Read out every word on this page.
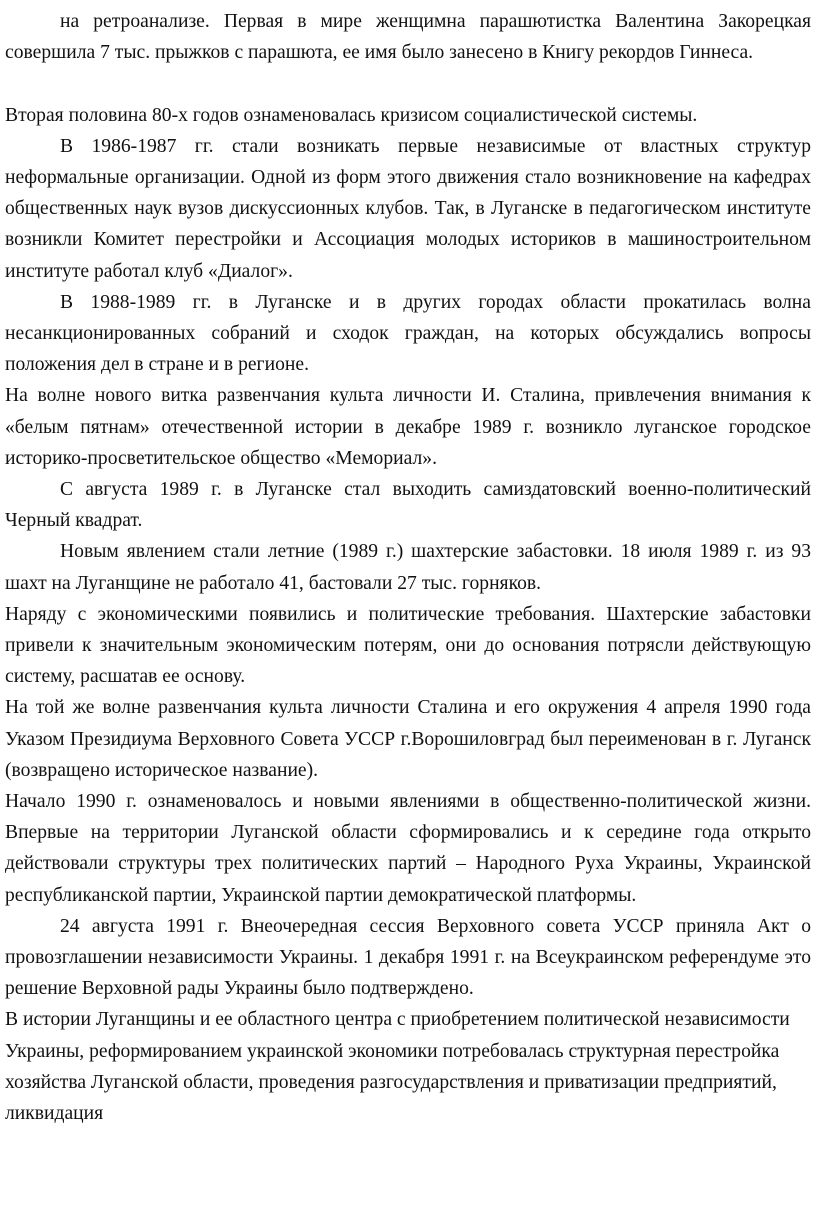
на ретроанализе. Первая в мире женщимна парашютистка Валентина Закорецкая совершила 7 тыс. прыжков с парашюта, ее имя было занесено в Книгу рекордов Гиннеса.

Вторая половина 80-х годов ознаменовалась кризисом социалистической системы.

В 1986-1987 гг. стали возникать первые независимые от властных структур неформальные организации. Одной из форм этого движения стало возникновение на кафедрах общественных наук вузов дискуссионных клубов. Так, в Луганске в педагогическом институте возникли Комитет перестройки и Ассоциация молодых историков в машиностроительном институте работал клуб «Диалог».

В 1988-1989 гг. в Луганске и в других городах области прокатилась волна несанкционированных собраний и сходок граждан, на которых обсуждались вопросы положения дел в стране и в регионе.

На волне нового витка развенчания культа личности И. Сталина, привлечения внимания к «белым пятнам» отечественной истории в декабре 1989 г. возникло луганское городское историко-просветительское общество «Мемориал».

С августа 1989 г. в Луганске стал выходить самиздатовский военно-политический Черный квадрат.

Новым явлением стали летние (1989 г.) шахтерские забастовки. 18 июля 1989 г. из 93 шахт на Луганщине не работало 41, бастовали 27 тыс. горняков.

Наряду с экономическими появились и политические требования. Шахтерские забастовки привели к значительным экономическим потерям, они до основания потрясли действующую систему, расшатав ее основу.

На той же волне развенчания культа личности Сталина и его окружения 4 апреля 1990 года Указом Президиума Верховного Совета УССР г.Ворошиловград был переименован в г. Луганск (возвращено историческое название).

Начало 1990 г. ознаменовалось и новыми явлениями в общественно-политической жизни. Впервые на территории Луганской области сформировались и к середине года открыто действовали структуры трех политических партий – Народного Руха Украины, Украинской республиканской партии, Украинской партии демократической платформы.

24 августа 1991 г. Внеочередная сессия Верховного совета УССР приняла Акт о провозглашении независимости Украины. 1 декабря 1991 г. на Всеукраинском референдуме это решение Верховной рады Украины было подтверждено.

В истории Луганщины и ее областного центра с приобретением политической независимости Украины, реформированием украинской экономики потребовалась структурная перестройка хозяйства Луганской области, проведения разгосударствления и приватизации предприятий, ликвидация
